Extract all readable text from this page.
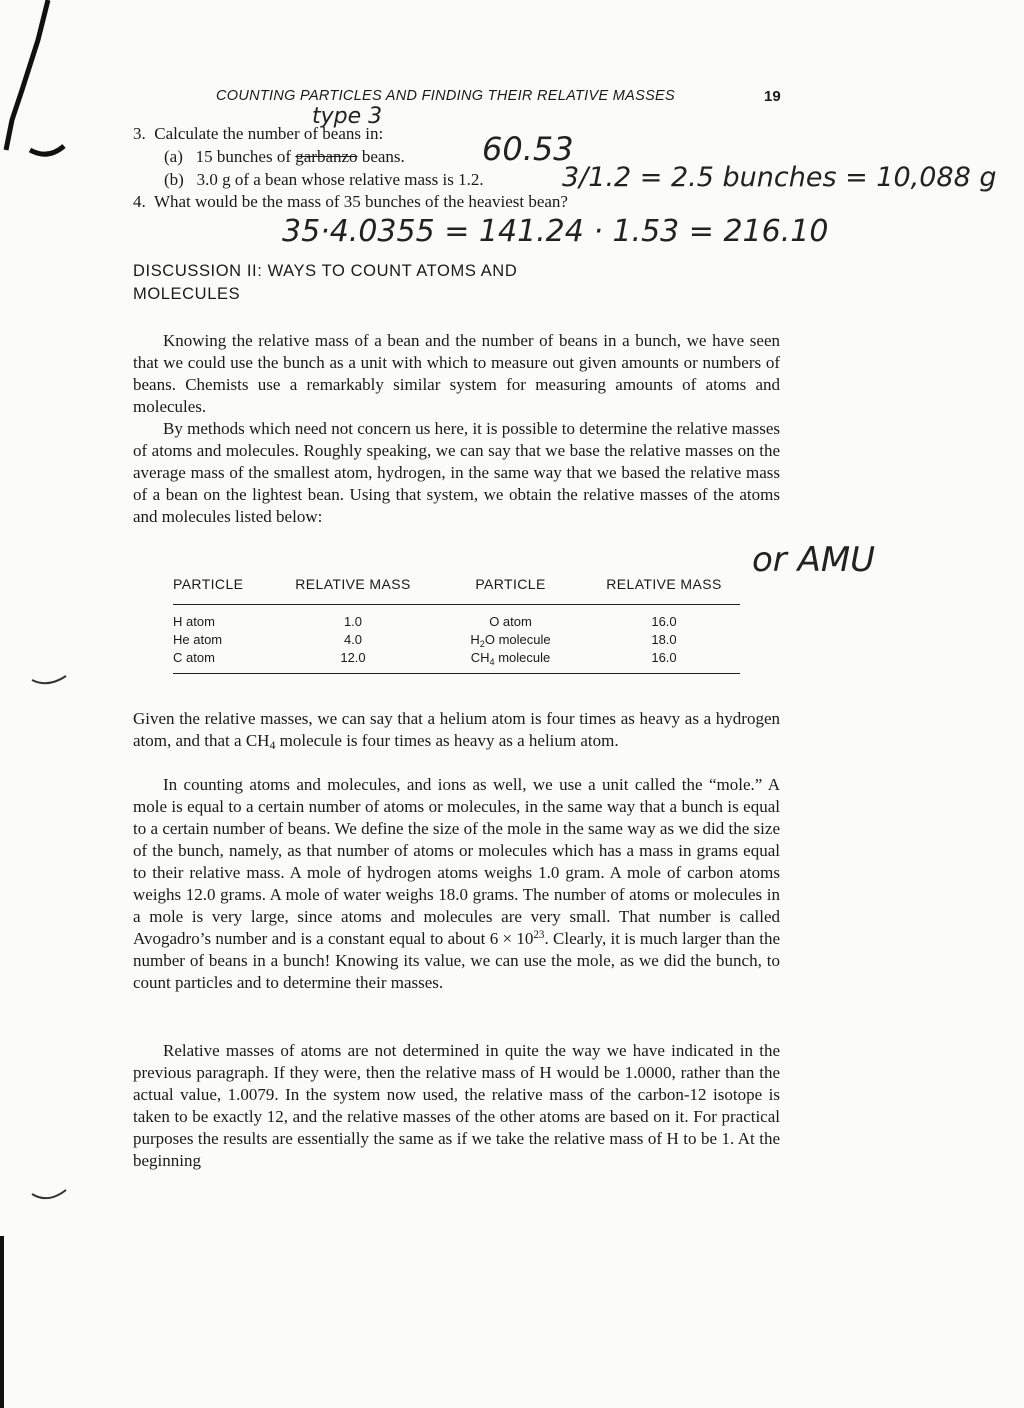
COUNTING PARTICLES AND FINDING THEIR RELATIVE MASSES	19
3. Calculate the number of beans in:
(a) 15 bunches of garbanzo beans.
(b) 3.0 g of a bean whose relative mass is 1.2.
4. What would be the mass of 35 bunches of the heaviest bean?
type 3
60.53
3/1.2 = 2.5 bunches = 10,088 g
35·4.0355 = 141.24 · 1.53 = 216.10
or AMU
DISCUSSION II: WAYS TO COUNT ATOMS AND
MOLECULES

Knowing the relative mass of a bean and the number of beans in a bunch, we have seen that we could use the bunch as a unit with which to measure out given amounts or numbers of beans. Chemists use a remarkably similar system for measuring amounts of atoms and molecules.

By methods which need not concern us here, it is possible to determine the relative masses of atoms and molecules. Roughly speaking, we can say that we base the relative masses on the average mass of the smallest atom, hydrogen, in the same way that we based the relative mass of a bean on the lightest bean. Using that system, we obtain the relative masses of the atoms and molecules listed below:

PARTICLE	RELATIVE MASS	PARTICLE	RELATIVE MASS
H atom	1.0	O atom	16.0
He atom	4.0	$H_2O$ molecule	18.0
C atom	12.0	$CH_4$ molecule	16.0

Given the relative masses, we can say that a helium atom is four times as heavy as a hydrogen atom, and that a $CH_4$ molecule is four times as heavy as a helium atom.

In counting atoms and molecules, and ions as well, we use a unit called the “mole.” A mole is equal to a certain number of atoms or molecules, in the same way that a bunch is equal to a certain number of beans. We define the size of the mole in the same way as we did the size of the bunch, namely, as that number of atoms or molecules which has a mass in grams equal to their relative mass. A mole of hydrogen atoms weighs 1.0 gram. A mole of carbon atoms weighs 12.0 grams. A mole of water weighs 18.0 grams. The number of atoms or molecules in a mole is very large, since atoms and molecules are very small. That number is called Avogadro’s number and is a constant equal to about $6 \times 10^{23}$. Clearly, it is much larger than the number of beans in a bunch! Knowing its value, we can use the mole, as we did the bunch, to count particles and to determine their masses.

Relative masses of atoms are not determined in quite the way we have indicated in the previous paragraph. If they were, then the relative mass of H would be 1.0000, rather than the actual value, 1.0079. In the system now used, the relative mass of the carbon-12 isotope is taken to be exactly 12, and the relative masses of the other atoms are based on it. For practical purposes the results are essentially the same as if we take the relative mass of H to be 1. At the beginning
